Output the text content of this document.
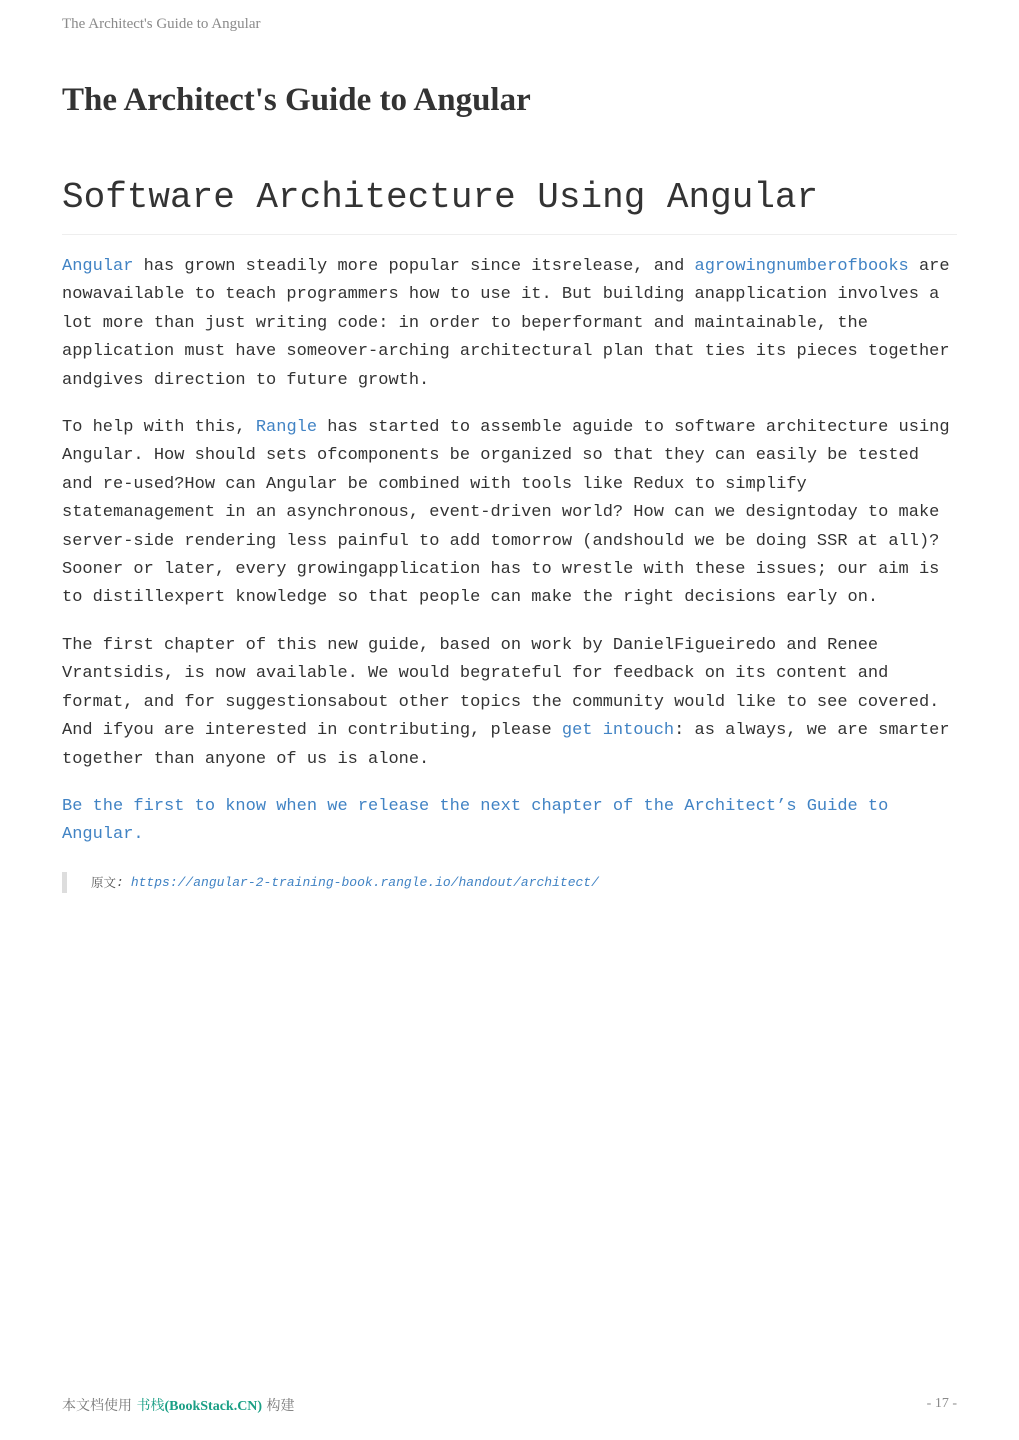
The Architect's Guide to Angular
The Architect's Guide to Angular
Software Architecture Using Angular

Angular has grown steadily more popular since itsrelease, and agrowingnumberofbooks are nowavailable to teach programmers how to use it. But building anapplication involves a lot more than just writing code: in order to beperformant and maintainable, the application must have someover-arching architectural plan that ties its pieces together andgives direction to future growth.

To help with this, Rangle has started to assemble aguide to software architecture using Angular. How should sets ofcomponents be organized so that they can easily be tested and re-used?How can Angular be combined with tools like Redux to simplify statemanagement in an asynchronous, event-driven world? How can we designtoday to make server-side rendering less painful to add tomorrow (andshould we be doing SSR at all)? Sooner or later, every growingapplication has to wrestle with these issues; our aim is to distillexpert knowledge so that people can make the right decisions early on.

The first chapter of this new guide, based on work by DanielFigueiredo and Renee Vrantsidis, is now available. We would begrateful for feedback on its content and format, and for suggestionsabout other topics the community would like to see covered. And ifyou are interested in contributing, please get intouch: as always, we are smarter together than anyone of us is alone.

Be the first to know when we release the next chapter of the Architect’s Guide to Angular.

原文 : https://angular-2-training-book.rangle.io/handout/architect/
本文档使用 书栈(BookStack.CN) 构建	- 17 -
